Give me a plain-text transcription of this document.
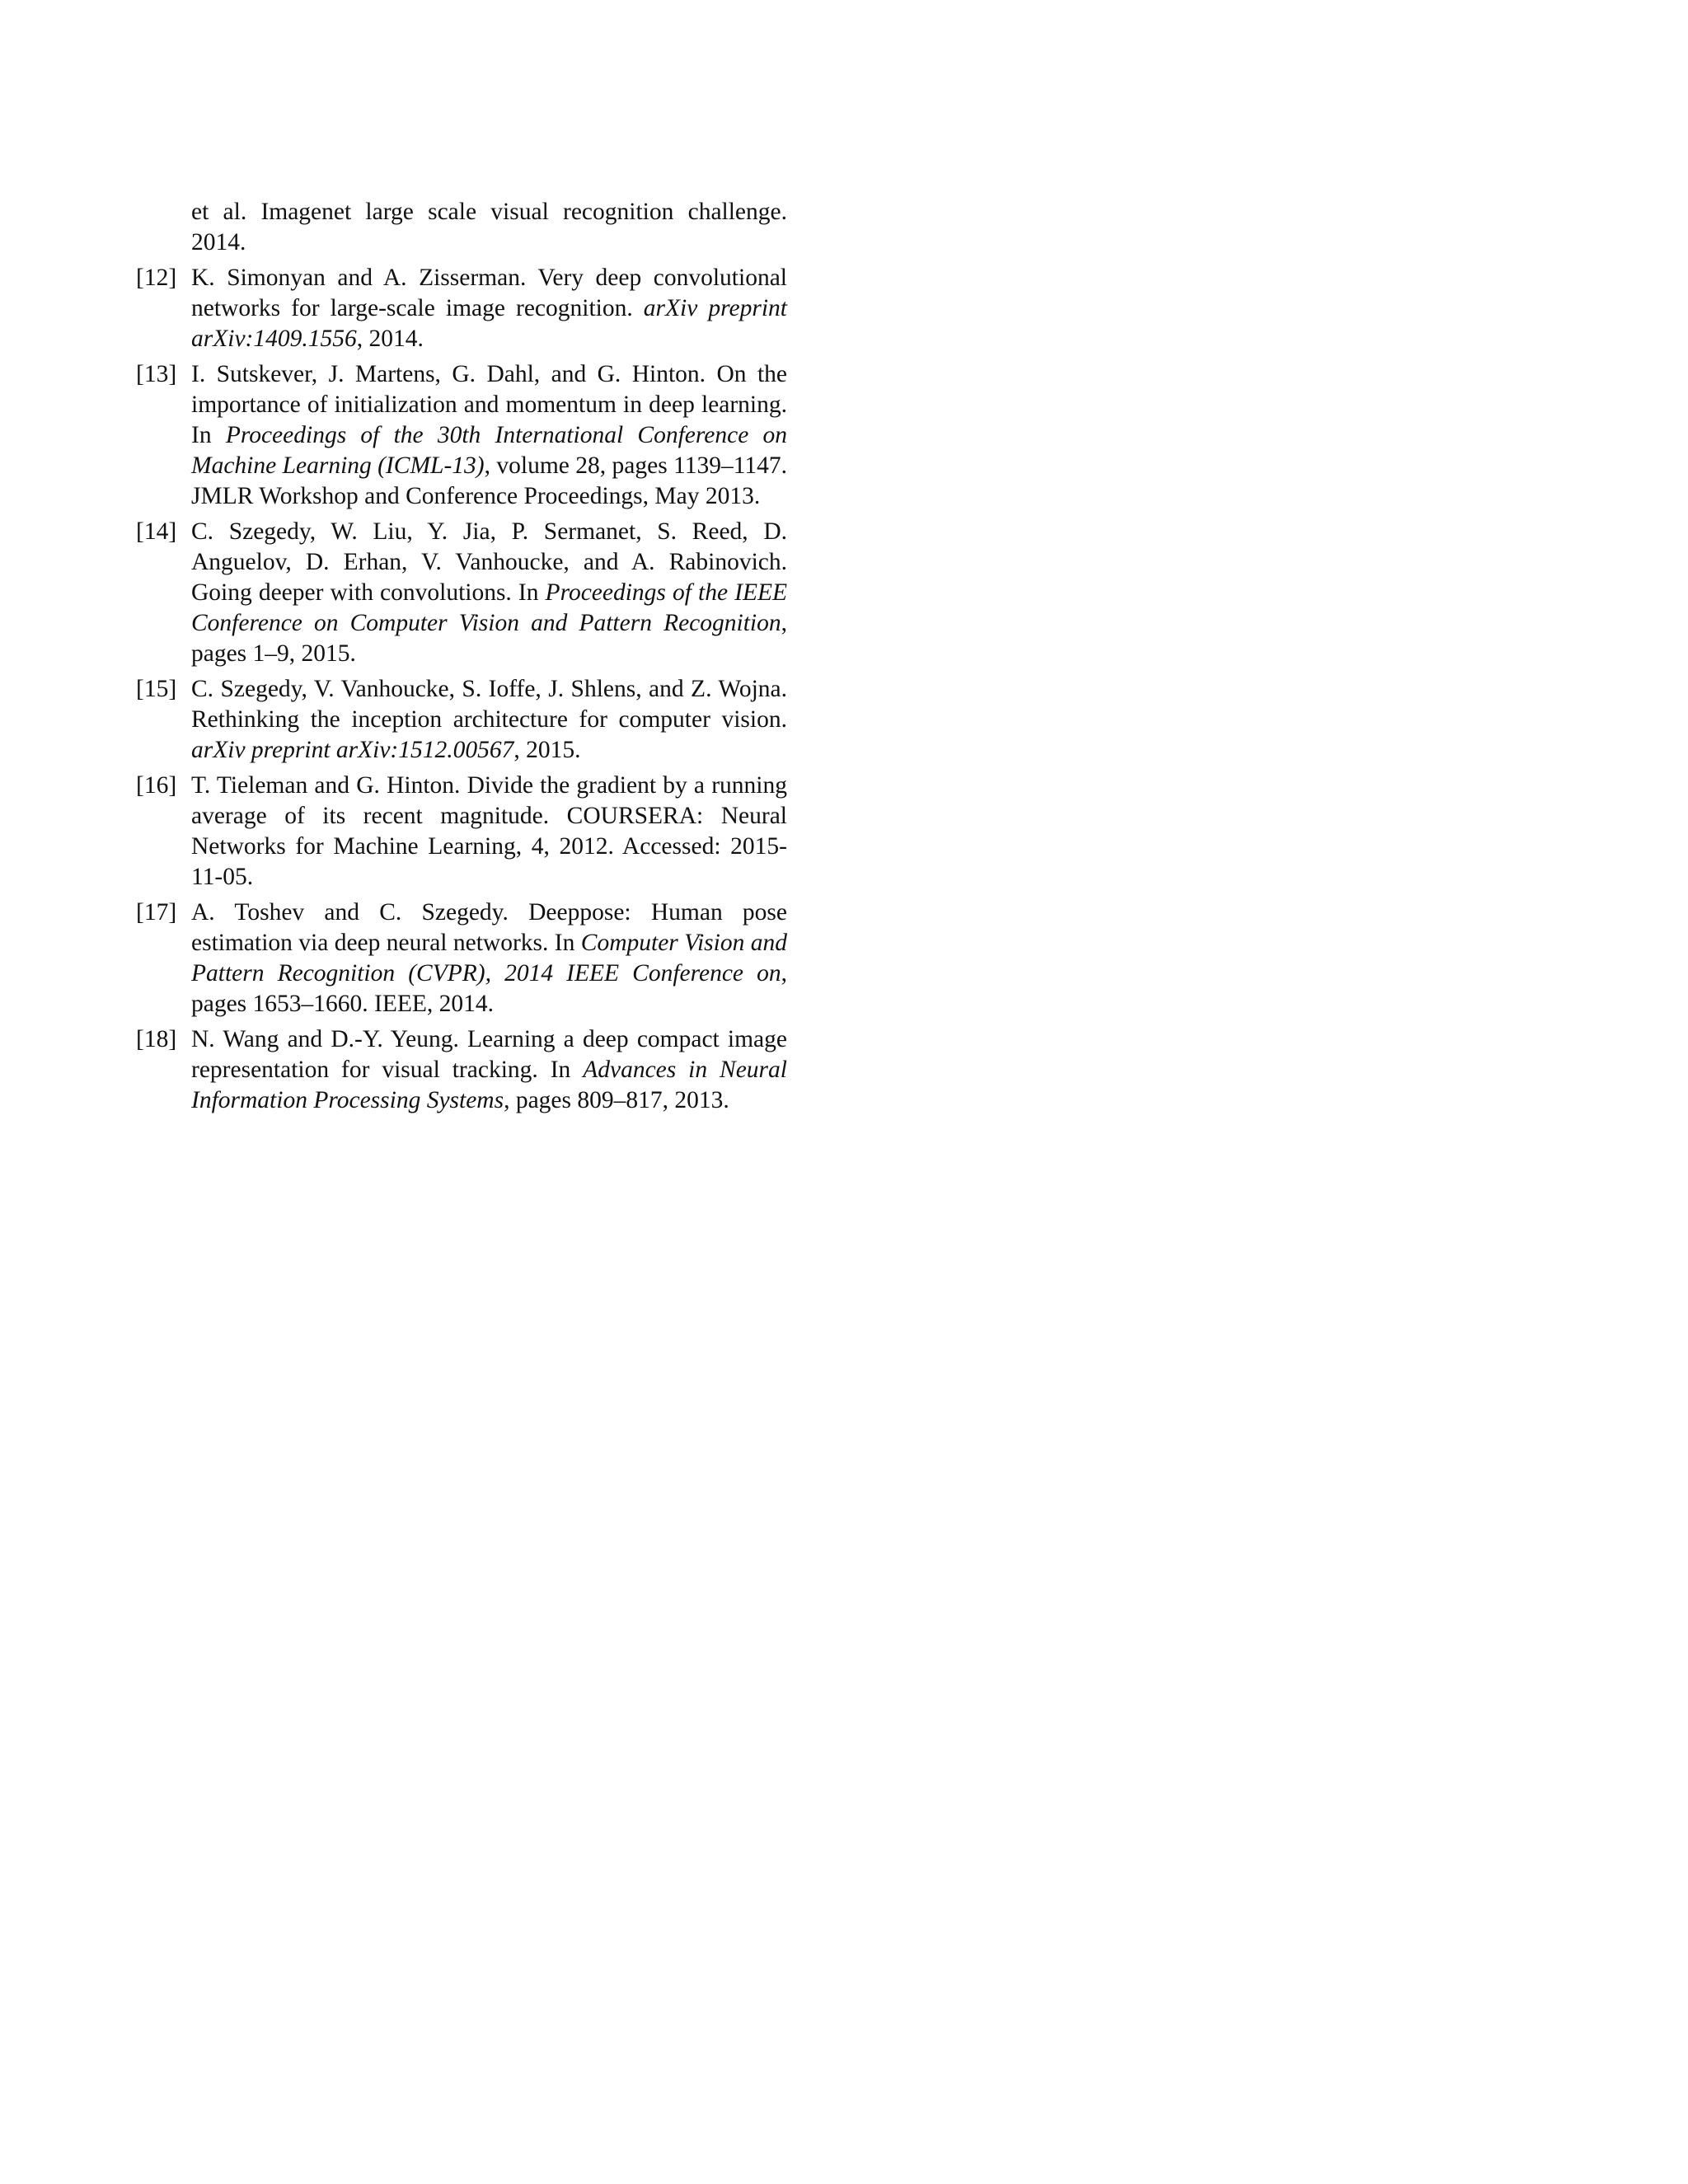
et al. Imagenet large scale visual recognition challenge. 2014.
[12] K. Simonyan and A. Zisserman. Very deep convolutional networks for large-scale image recognition. arXiv preprint arXiv:1409.1556, 2014.
[13] I. Sutskever, J. Martens, G. Dahl, and G. Hinton. On the importance of initialization and momentum in deep learning. In Proceedings of the 30th International Conference on Machine Learning (ICML-13), volume 28, pages 1139–1147. JMLR Workshop and Conference Proceedings, May 2013.
[14] C. Szegedy, W. Liu, Y. Jia, P. Sermanet, S. Reed, D. Anguelov, D. Erhan, V. Vanhoucke, and A. Rabinovich. Going deeper with convolutions. In Proceedings of the IEEE Conference on Computer Vision and Pattern Recognition, pages 1–9, 2015.
[15] C. Szegedy, V. Vanhoucke, S. Ioffe, J. Shlens, and Z. Wojna. Rethinking the inception architecture for computer vision. arXiv preprint arXiv:1512.00567, 2015.
[16] T. Tieleman and G. Hinton. Divide the gradient by a running average of its recent magnitude. COURSERA: Neural Networks for Machine Learning, 4, 2012. Accessed: 2015-11-05.
[17] A. Toshev and C. Szegedy. Deeppose: Human pose estimation via deep neural networks. In Computer Vision and Pattern Recognition (CVPR), 2014 IEEE Conference on, pages 1653–1660. IEEE, 2014.
[18] N. Wang and D.-Y. Yeung. Learning a deep compact image representation for visual tracking. In Advances in Neural Information Processing Systems, pages 809–817, 2013.
